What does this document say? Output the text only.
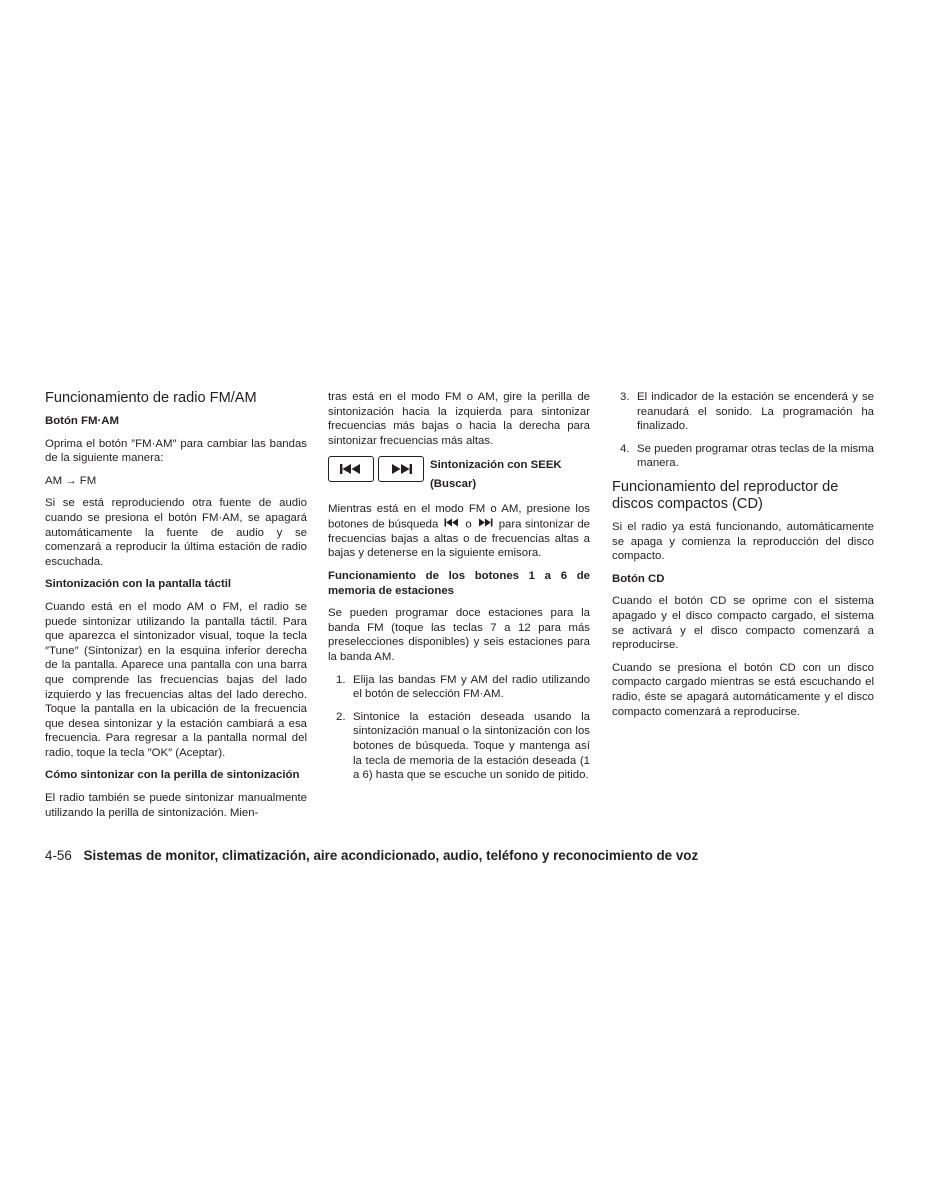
Funcionamiento de radio FM/AM

Botón FM·AM

Oprima el botón ″FM·AM″ para cambiar las bandas de la siguiente manera:

AM → FM

Si se está reproduciendo otra fuente de audio cuando se presiona el botón FM·AM, se apagará automáticamente la fuente de audio y se comenzará a reproducir la última estación de radio escuchada.

Sintonización con la pantalla táctil

Cuando está en el modo AM o FM, el radio se puede sintonizar utilizando la pantalla táctil. Para que aparezca el sintonizador visual, toque la tecla ″Tune″ (Sintonizar) en la esquina inferior derecha de la pantalla. Aparece una pantalla con una barra que comprende las frecuencias bajas del lado izquierdo y las frecuencias altas del lado derecho. Toque la pantalla en la ubicación de la frecuencia que desea sintonizar y la estación cambiará a esa frecuencia. Para regresar a la pantalla normal del radio, toque la tecla ″OK″ (Aceptar).

Cómo sintonizar con la perilla de sintonización

El radio también se puede sintonizar manualmente utilizando la perilla de sintonización. Mien-

tras está en el modo FM o AM, gire la perilla de sintonización hacia la izquierda para sintonizar frecuencias más bajas o hacia la derecha para sintonizar frecuencias más altas.

Sintonización con SEEK
(Buscar)

Mientras está en el modo FM o AM, presione los botones de búsqueda o para sintonizar de frecuencias bajas a altas o de frecuencias altas a bajas y detenerse en la siguiente emisora.

Funcionamiento de los botones 1 a 6 de memoria de estaciones

Se pueden programar doce estaciones para la banda FM (toque las teclas 7 a 12 para más preselecciones disponibles) y seis estaciones para la banda AM.

1. Elija las bandas FM y AM del radio utilizando el botón de selección FM·AM.
2. Sintonice la estación deseada usando la sintonización manual o la sintonización con los botones de búsqueda. Toque y mantenga así la tecla de memoria de la estación deseada (1 a 6) hasta que se escuche un sonido de pitido.
3. El indicador de la estación se encenderá y se reanudará el sonido. La programación ha finalizado.
4. Se pueden programar otras teclas de la misma manera.
Funcionamiento del reproductor de discos compactos (CD)

Si el radio ya está funcionando, automáticamente se apaga y comienza la reproducción del disco compacto.

Botón CD

Cuando el botón CD se oprime con el sistema apagado y el disco compacto cargado, el sistema se activará y el disco compacto comenzará a reproducirse.

Cuando se presiona el botón CD con un disco compacto cargado mientras se está escuchando el radio, éste se apagará automáticamente y el disco compacto comenzará a reproducirse.

4-56 Sistemas de monitor, climatización, aire acondicionado, audio, teléfono y reconocimiento de voz
